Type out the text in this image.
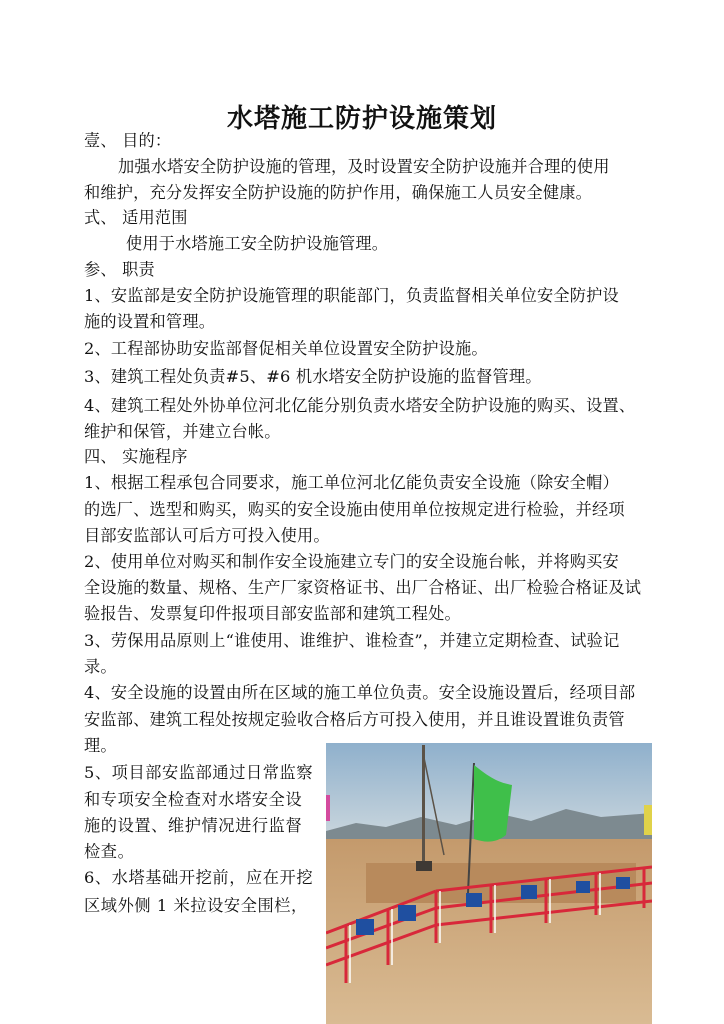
水塔施工防护设施策划
壹、 目的：
加强水塔安全防护设施的管理，及时设置安全防护设施并合理的使用
和维护，充分发挥安全防护设施的防护作用，确保施工人员安全健康。
式、 适用范围
使用于水塔施工安全防护设施管理。
参、 职责
1、安监部是安全防护设施管理的职能部门，负责监督相关单位安全防护设
施的设置和管理。
2、工程部协助安监部督促相关单位设置安全防护设施。
3、建筑工程处负责#5、#6 机水塔安全防护设施的监督管理。
4、建筑工程处外协单位河北亿能分别负责水塔安全防护设施的购买、设置、
维护和保管，并建立台帐。
四、 实施程序
1、根据工程承包合同要求，施工单位河北亿能负责安全设施（除安全帽）
的选厂、选型和购买，购买的安全设施由使用单位按规定进行检验，并经项
目部安监部认可后方可投入使用。
2、使用单位对购买和制作安全设施建立专门的安全设施台帐，并将购买安
全设施的数量、规格、生产厂家资格证书、出厂合格证、出厂检验合格证及试
验报告、发票复印件报项目部安监部和建筑工程处。
3、劳保用品原则上“谁使用、谁维护、谁检查”，并建立定期检查、试验记
录。
4、安全设施的设置由所在区域的施工单位负责。安全设施设置后，经项目部
安监部、建筑工程处按规定验收合格后方可投入使用，并且谁设置谁负责管
理。
5、项目部安监部通过日常监察
和专项安全检查对水塔安全设
施的设置、维护情况进行监督
检查。
6、水塔基础开挖前，应在开挖
区域外侧 1 米拉设安全围栏，
